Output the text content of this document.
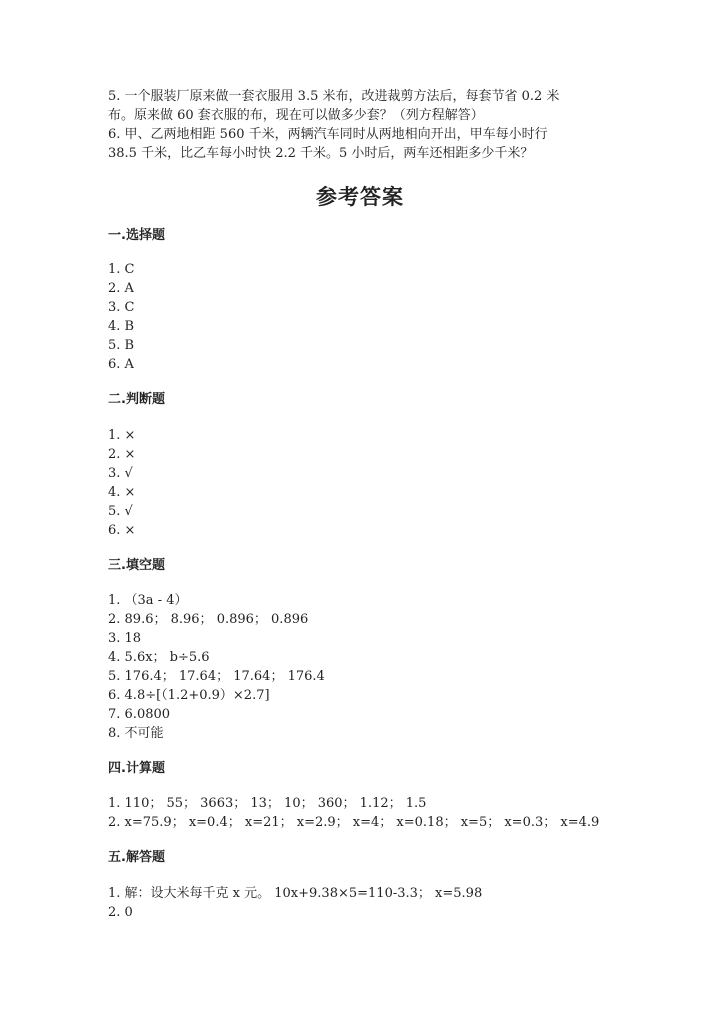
5. 一个服装厂原来做一套衣服用 3.5 米布，改进裁剪方法后，每套节省 0.2 米
布。原来做 60 套衣服的布，现在可以做多少套？（列方程解答）
6. 甲、乙两地相距 560 千米，两辆汽车同时从两地相向开出，甲车每小时行
38.5 千米，比乙车每小时快 2.2 千米。5 小时后，两车还相距多少千米？
参考答案
一.选择题
1. C
2. A
3. C
4. B
5. B
6. A
二.判断题
1. ×
2. ×
3. √
4. ×
5. √
6. ×
三.填空题
1. （3a - 4）
2. 89.6； 8.96； 0.896； 0.896
3. 18
4. 5.6x； b÷5.6
5. 176.4； 17.64； 17.64； 176.4
6. 4.8÷[（1.2+0.9）×2.7]
7. 6.0800
8. 不可能
四.计算题
1. 110； 55； 3663； 13； 10； 360； 1.12； 1.5
2. x=75.9； x=0.4； x=21； x=2.9； x=4； x=0.18； x=5； x=0.3； x=4.9
五.解答题
1. 解：设大米每千克 x 元。 10x+9.38×5=110-3.3； x=5.98
2. 0
